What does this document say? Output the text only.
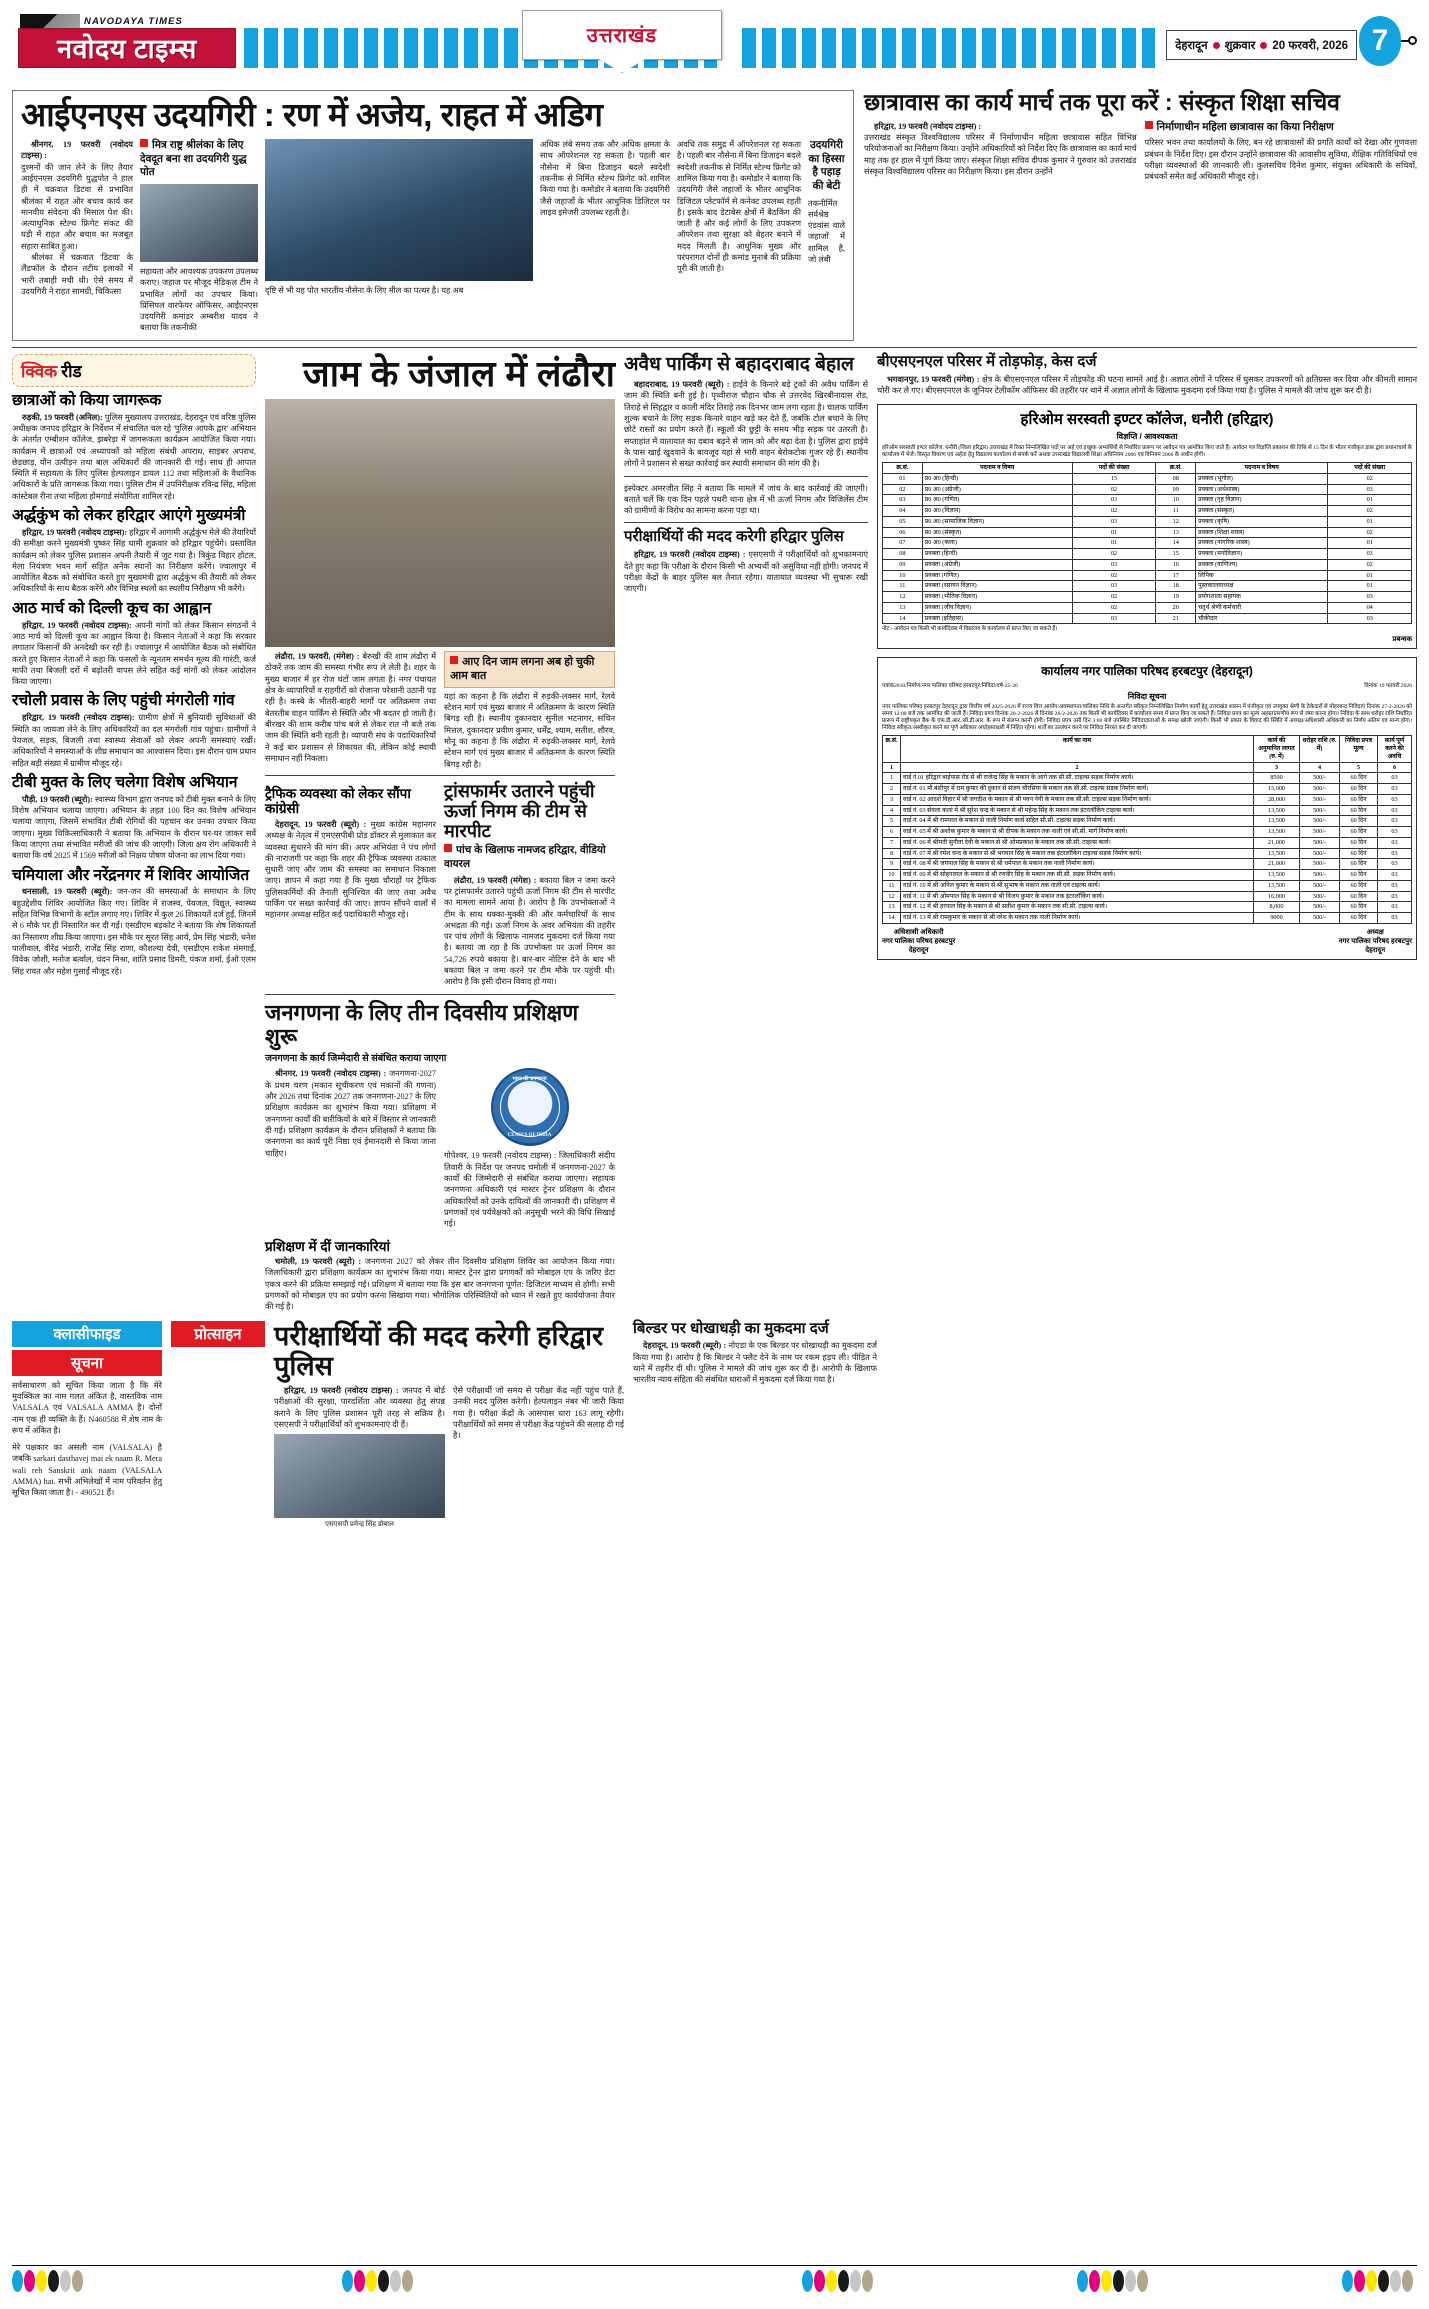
NAVODAYA TIMES
नवोदय टाइम्स	उत्तराखंड	देहरादून शुक्रवार 20 फरवरी, 2026 7
आईएनएस उदयगिरी : रण में अजेय, राहत में अडिग

श्रीनगर, 19 फरवरी (नवोदय टाइम्स) :

दुश्मनों की जान लेने के लिए तैयार आईएनएस उदयगिरी युद्धपोत ने हाल ही में चक्रवात डिटवा से प्रभावित श्रीलंका में राहत और बचाव कार्य कर मानवीय संवेदना की मिसाल पेश की। अत्याधुनिक स्टेल्थ फ्रिगेट संकट की घड़ी में राहत और बचाव का मजबूत सहारा साबित हुआ।

श्रीलंका में चक्रवात 'डिटवा' के लैंडफॉल के दौरान तटीय इलाकों में भारी तबाही मची थी। ऐसे समय में उदयगिरी ने राहत सामग्री, चिकित्सा

मित्र राष्ट्र श्रीलंका के लिए देवदूत बना शा उदयगिरी युद्ध पोत

सहायता और आवश्यक उपकरण उपलब्ध कराए। जहाज पर मौजूद मेडिकल टीम ने प्रभावित लोगों का उपचार किया। प्रिंसिपल वारफेयर ऑफिसर, आईएनएस उदयगिरी कमांडर अम्बरीश यादव ने बताया कि तकनीकी

दृष्टि से भी यह पोत भारतीय नौसेना के लिए मील का पत्थर है। यह अब

अधिक लंबे समय तक और अधिक क्षमता के साथ ऑपरेशनल रह सकता है। पहली बार नौसेना में बिना डिजाइन बदले स्वदेशी तकनीक से निर्मित स्टेल्थ फ्रिगेट को शामिल किया गया है। कमोडोर ने बताया कि उदयगिरी जैसे जहाजों के भीतर आधुनिक डिजिटल पर लाइव इमेजरी उपलब्ध रहती है।

अवधि तक समुद्र में ऑपरेशनल रह सकता है। पहली बार नौसेना में बिना डिजाइन बदले स्वदेशी तकनीक से निर्मित स्टेल्थ फ्रिगेट को शामिल किया गया है। कमोडोर ने बताया कि उदयगिरी जैसे जहाजों के भीतर आधुनिक डिजिटल प्लेटफॉर्म से कनेक्ट उपलब्ध रहती है। इसके बाद डेटाबेस क्षेत्रों में बैठकिंग की जाती है और कई लोगों के लिए उपकरण ऑपरेशन तथा सुरक्षा को बेहतर बनाने में मदद मिलती है। आधुनिक मुख्य और परंपरागत दोनों ही कमांड मुनाबे की प्रक्रिया पूरी की जाती है।

उदयगिरी का हिस्सा है पहाड़ की बेटी

तकनीर्मित सर्वश्रेष्ठ एंडवांस वाले जहाजों में शामिल है, जो लंबी

छात्रावास का कार्य मार्च तक पूरा करें : संस्कृत शिक्षा सचिव

हरिद्वार, 19 फरवरी (नवोदय टाइम्स) :

उत्तराखंड संस्कृत विश्वविद्यालय परिसर में निर्माणाधीन महिला छात्रावास सहित विभिन्न परियोजनाओं का निरीक्षण किया। उन्होंने अधिकारियों को निर्देश दिए कि छात्रावास का कार्य मार्च माह तक हर हाल में पूर्ण किया जाए। संस्कृत शिक्षा सचिव दीपक कुमार ने गुरुवार को उत्तराखंड संस्कृत विश्वविद्यालय परिसर का निरीक्षण किया। इस दौरान उन्होंने

निर्माणाधीन महिला छात्रावास का किया निरीक्षण

परिसर भवन तथा कार्यालयों के लिए, बन रहे छात्रावासों की प्रगति कार्यों को देखा और गुणवत्ता प्रबंधन के निर्देश दिए। इस दौरान उन्होंने छात्रावास की आवासीय सुविधा, शैक्षिक गतिविधियों एवं परीक्षा व्यवस्थाओं की जानकारी ली। कुलसचिव दिनेश कुमार, संयुक्त अधिकारी के सचिवों, प्रबंधकों समेत कई अधिकारी मौजूद रहे।

क्विक रीड
छात्राओं को किया जागरूक

रुड़की, 19 फरवरी (अनिल): पुलिस मुख्यालय उत्तराखंड, देहरादून एवं वरिष्ठ पुलिस अधीक्षक जनपद हरिद्वार के निर्देशन में संचालित चल रहे 'पुलिस आपके द्वार' अभियान के अंतर्गत एम्बीशन कॉलेज, झबरेड़ा में जागरूकता कार्यक्रम आयोजित किया गया। कार्यक्रम में छात्राओं एवं अध्यापकों को महिला संबंधी अपराध, साइबर अपराध, छेड़छाड़, यौन उत्पीड़न तथा बाल अधिकारों की जानकारी दी गई। साथ ही आपात स्थिति में सहायता के लिए पुलिस हेल्पलाइन डायल 112 तथा महिलाओं के वैधानिक अधिकारों के प्रति जागरूक किया गया। पुलिस टीम में उपनिरीक्षक रविन्द्र सिंह, महिला कांस्टेबल रीना तथा महिला होमगार्ड संयोगिता शामिल रहे।

अर्द्धकुंभ को लेकर हरिद्वार आएंगे मुख्यमंत्री

हरिद्वार, 19 फरवरी (नवोदय टाइम्स): हरिद्वार में आगामी अर्द्धकुंभ मेले की तैयारियों की समीक्षा करने मुख्यमंत्री पुष्कर सिंह धामी शुक्रवार को हरिद्वार पहुंचेंगे। प्रस्तावित कार्यक्रम को लेकर पुलिस प्रशासन अपनी तैयारी में जुट गया है। त्रिकुंड विहार होटल, मेला नियंत्रण भवन मार्ग सहित अनेक स्थानों का निरीक्षण करेंगे। ज्वालापुर में आयोजित बैठक को संबोधित करते हुए मुख्यमंत्री द्वारा अर्द्धकुंभ की तैयारी को लेकर अधिकारियों के साथ बैठक करेंगे और विभिन्न स्थलों का स्थलीय निरीक्षण भी करेंगे।

आठ मार्च को दिल्ली कूच का आह्वान

हरिद्वार, 19 फरवरी (नवोदय टाइम्स): अपनी मांगों को लेकर किसान संगठनों ने आठ मार्च को दिल्ली कूच का आह्वान किया है। किसान नेताओं ने कहा कि सरकार लगातार किसानों की अनदेखी कर रही है। ज्वालापुर में आयोजित बैठक को संबोधित करते हुए किसान नेताओं ने कहा कि फसलों के न्यूनतम समर्थन मूल्य की गारंटी, कर्ज माफी तथा बिजली दरों में बढ़ोतरी वापस लेने सहित कई मांगों को लेकर आंदोलन किया जाएगा।

रचोली प्रवास के लिए पहुंची मंगरोली गांव

हरिद्वार, 19 फरवरी (नवोदय टाइम्स): ग्रामीण क्षेत्रों में बुनियादी सुविधाओं की स्थिति का जायजा लेने के लिए अधिकारियों का दल मंगरोली गांव पहुंचा। ग्रामीणों ने पेयजल, सड़क, बिजली तथा स्वास्थ्य सेवाओं को लेकर अपनी समस्याएं रखीं। अधिकारियों ने समस्याओं के शीघ्र समाधान का आश्वासन दिया। इस दौरान ग्राम प्रधान सहित बड़ी संख्या में ग्रामीण मौजूद रहे।

टीबी मुक्त के लिए चलेगा विशेष अभियान

पौड़ी, 19 फरवरी (ब्यूरो): स्वास्थ्य विभाग द्वारा जनपद को टीबी मुक्त बनाने के लिए विशेष अभियान चलाया जाएगा। अभियान के तहत 100 दिन का विशेष अभियान चलाया जाएगा, जिसमें संभावित टीबी रोगियों की पहचान कर उनका उपचार किया जाएगा। मुख्य चिकित्साधिकारी ने बताया कि अभियान के दौरान घर-घर जाकर सर्वे किया जाएगा तथा संभावित मरीजों की जांच की जाएगी। जिला क्षय रोग अधिकारी ने बताया कि वर्ष 2025 में 1569 मरीजों को निक्षय पोषण योजना का लाभ दिया गया।

चमियाला और नरेंद्रनगर में शिविर आयोजित

धनसाली, 19 फरवरी (ब्यूरो): जन-जन की समस्याओं के समाधान के लिए बहुउद्देशीय शिविर आयोजित किए गए। शिविर में राजस्व, पेयजल, विद्युत, स्वास्थ्य सहित विभिन्न विभागों के स्टॉल लगाए गए। शिविर में कुल 26 शिकायतें दर्ज हुईं, जिनमें से 6 मौके पर ही निस्तारित कर दी गईं। एसडीएम बड़कोट ने बताया कि शेष शिकायतों का निस्तारण शीघ्र किया जाएगा। इस मौके पर सूरत सिंह आर्य, प्रेम सिंह भंडारी, धनेश पालीवाल, वीरेंद्र भंडारी, राजेंद्र सिंह राणा, कौशल्या देवी, एसडीएम राकेश मंमगाईं, विवेक जोशी, मनोज बर्त्वाल, चंदन मिश्रा, शांति प्रसाद डिमरी, पंकज शर्मा, ईओ एलम सिंह रावत और महेश गुसाईं मौजूद रहे।

जाम के जंजाल में लंढौरा

लंढौरा, 19 फरवरी, (मंगेश) : बेरुखी की शाम लंढौरा में ठोकरें तक जाम की समस्या गंभीर रूप ले लेती है। शहर के मुख्य बाजार में हर रोज घंटों जाम लगता है। नगर पंचायत क्षेत्र के व्यापारियों व राहगीरों को रोजाना परेशानी उठानी पड़ रही है। कस्बे के भीतरी-बाहरी मार्गों पर अतिक्रमण तथा बेतरतीब वाहन पार्किंग से स्थिति और भी बदतर हो जाती है। बीरखर की शाम करीब पांच बजे से लेकर रात नौ बजे तक जाम की स्थिति बनी रहती है। व्यापारी संघ के पदाधिकारियों ने कई बार प्रशासन से शिकायत की, लेकिन कोई स्थायी समाधान नहीं निकला।

आए दिन जाम लगना अब हो चुकी आम बात

यहां का कहना है कि लंढौरा में रुड़की-लक्सर मार्ग, रेलवे स्टेशन मार्ग एवं मुख्य बाजार में अतिक्रमण के कारण स्थिति बिगड़ रही है। स्थानीय दुकानदार सुनील भटनागर, सचिन मित्तल, दुकानदार प्रवीण कुमार, धर्मेंद्र, श्याम, सतीश, शौरव, मोनू का कहना है कि लंढौरा में रुड़की-लक्सर मार्ग, रेलवे स्टेशन मार्ग एवं मुख्य बाजार में अतिक्रमण के कारण स्थिति बिगड़ रही है।

ट्रैफिक व्यवस्था को लेकर सौंपा कांग्रेसी

देहरादून, 19 फरवरी (ब्यूरो) : मुख्य कांग्रेस महानगर अध्यक्ष के नेतृत्व में एमएसपीबी प्रोड डॉक्टर से मुलाकात कर व्यवस्था सुधारने की मांग की। अपर अभियंता ने पंच लोगों की नाराजगी पर कहा कि शहर की ट्रैफिक व्यवस्था तत्काल सुधारी जाए और जाम की समस्या का समाधान निकाला जाए। ज्ञापन में कहा गया है कि मुख्य चौराहों पर ट्रैफिक पुलिसकर्मियों की तैनाती सुनिश्चित की जाए तथा अवैध पार्किंग पर सख्त कार्रवाई की जाए। ज्ञापन सौंपने वालों में महानगर अध्यक्ष सहित कई पदाधिकारी मौजूद रहे।

ट्रांसफार्मर उतारने पहुंची ऊर्जा निगम की टीम से मारपीट
पांच के खिलाफ नामजद हरिद्वार, वीडियो वायरल

लंढौरा, 19 फरवरी (मंगेश) : बकाया बिल न जमा करने पर ट्रांसफार्मर उतारने पहुंची ऊर्जा निगम की टीम से मारपीट का मामला सामने आया है। आरोप है कि उपभोक्ताओं ने टीम के साथ धक्का-मुक्की की और कर्मचारियों के साथ अभद्रता की गई। ऊर्जा निगम के अवर अभियंता की तहरीर पर पांच लोगों के खिलाफ नामजद मुकदमा दर्ज किया गया है। बताया जा रहा है कि उपभोक्ता पर ऊर्जा निगम का 54,726 रुपये बकाया है। बार-बार नोटिस देने के बाद भी बकाया बिल न जमा करने पर टीम मौके पर पहुंची थी। आरोप है कि इसी दौरान विवाद हो गया।

जनगणना के लिए तीन दिवसीय प्रशिक्षण शुरू
जनगणना के कार्य जिम्मेदारी से संबंधित कराया जाएगा

श्रीनगर, 19 फरवरी (नवोदय टाइम्स) : जनगणना-2027 के प्रथम चरण (मकान सूचीकरण एवं मकानों की गणना) और 2026 तथा दिनांक 2027 तक जनगणना-2027 के लिए प्रशिक्षण कार्यक्रम का शुभारंभ किया गया। प्रशिक्षण में जनगणना कार्यों की बारीकियों के बारे में विस्तार से जानकारी दी गई। प्रशिक्षण कार्यक्रम के दौरान प्रशिक्षकों ने बताया कि जनगणना का कार्य पूरी निष्ठा एवं ईमानदारी से किया जाना चाहिए।

भारत की जनगणना
CENSUS OF INDIA

गोपेश्वर, 19 फरवरी (नवोदय टाइम्स) : जिलाधिकारी संदीप तिवारी के निर्देश पर जनपद चमोली में जनगणना-2027 के कार्यों की जिम्मेदारी से संबंधित कराया जाएगा। सहायक जनगणना अधिकारी एवं मास्टर ट्रेनर प्रशिक्षण के दौरान अधिकारियों को उनके दायित्वों की जानकारी दी। प्रशिक्षण में प्रगणकों एवं पर्यवेक्षकों को अनुसूची भरने की विधि सिखाई गई।

प्रशिक्षण में दीं जानकारियां

चमोली, 19 फरवरी (ब्यूरो) : जनगणना 2027 को लेकर तीन दिवसीय प्रशिक्षण शिविर का आयोजन किया गया। जिलाधिकारी द्वारा प्रशिक्षण कार्यक्रम का शुभारंभ किया गया। मास्टर ट्रेनर द्वारा प्रगणकों को मोबाइल एप के जरिए डेटा एकत्र करने की प्रक्रिया समझाई गई। प्रशिक्षण में बताया गया कि इस बार जनगणना पूर्णत: डिजिटल माध्यम से होगी। सभी प्रगणकों को मोबाइल एप का प्रयोग करना सिखाया गया। भौगोलिक परिस्थितियों को ध्यान में रखते हुए कार्ययोजना तैयार की गई है।

अवैध पार्किंग से बहादराबाद बेहाल

बहादराबाद, 19 फरवरी (ब्यूरो) : हाईवे के किनारे बड़े ट्रकों की अवैध पार्किंग से जाम की स्थिति बनी हुई है। पृथ्वीराज चौहान चौक से उत्तरवेद खिरबीनादास रोड, तिराहे से सिंहद्वार व काली मंदिर तिराहे तक दिनभर जाम लगा रहता है। चालक पार्किंग शुल्क बचाने के लिए सड़क किनारे वाहन खड़े कर देते हैं, जबकि टोल बचाने के लिए छोटे रास्तों का प्रयोग करते हैं। स्कूलों की छुट्टी के समय भीड़ सड़क पर उतरती है। सप्ताहांत में यातायात का दबाव बढ़ने से जाम को और बढ़ा देता है। पुलिस द्वारा हाईवे के पास खाई खुदवाने के बावजूद यहां से भारी वाहन बेरोकटोक गुजर रहे हैं। स्थानीय लोगों ने प्रशासन से सख्त कार्रवाई कर स्थायी समाधान की मांग की है।

इंस्पेक्टर अमरजीत सिंह ने बताया कि मामले में जांच के बाद कार्रवाई की जाएगी। बताते चलें कि एक दिन पहले पथरी थाना क्षेत्र में भी ऊर्जा निगम और विजिलेंस टीम को ग्रामीणों के विरोध का सामना करना पड़ा था।

परीक्षार्थियों की मदद करेगी हरिद्वार पुलिस

हरिद्वार, 19 फरवरी (नवोदय टाइम्स) : एसएसपी ने परीक्षार्थियों को शुभकामनाएं देते हुए कहा कि परीक्षा के दौरान किसी भी अभ्यर्थी को असुविधा नहीं होगी। जनपद में परीक्षा केंद्रों के बाहर पुलिस बल तैनात रहेगा। यातायात व्यवस्था भी सुचारू रखी जाएगी।

बीएसएनएल परिसर में तोड़फोड़, केस दर्ज

भगवानपुर, 19 फरवरी (मंगेश) : क्षेत्र के बीएसएनएल परिसर में तोड़फोड़ की घटना सामने आई है। अज्ञात लोगों ने परिसर में घुसकर उपकरणों को क्षतिग्रस्त कर दिया और कीमती सामान चोरी कर ले गए। बीएसएनएल के जूनियर टेलीकॉम ऑफिसर की तहरीर पर थाने में अज्ञात लोगों के खिलाफ मुकदमा दर्ज किया गया है। पुलिस ने मामले की जांच शुरू कर दी है।

हरिओम सरस्वती इण्टर कॉलेज, धनौरी (हरिद्वार)
विज्ञप्ति / आवश्यकता

हरिओम सरस्वती इण्टर कॉलेज, धनौरी (जिला हरिद्वार) उत्तराखंड में रिक्त निम्नलिखित पदों पर अर्ह एवं इच्छुक अभ्यर्थियों से निर्धारित प्रारूप पर आवेदन पत्र आमंत्रित किए जाते हैं। आवेदन पत्र विज्ञप्ति प्रकाशन की तिथि से 15 दिन के भीतर पंजीकृत डाक द्वारा प्रधानाचार्य के कार्यालय में भेजें। विस्तृत विवरण एवं अर्हता हेतु विद्यालय कार्यालय से संपर्क करें अथवा उत्तराखंड विद्यालयी शिक्षा अधिनियम 2006 एवं विनियम 2006 के अधीन होगी।

क्र.सं.	पदनाम व विषय	पदों की संख्या	क्र.सं.	पदनाम व विषय	पदों की संख्या
01	प्र0 अ0 (हिन्दी)	15	08	प्रवक्ता (भूगोल)	02
02	प्र0 अ0 (अंग्रेजी)	02	09	प्रवक्ता (अर्थशास्त्र)	03
03	प्र0 अ0 (गणित)	03	10	प्रवक्ता (गृह विज्ञान)	01
04	प्र0 अ0 (विज्ञान)	02	11	प्रवक्ता (संस्कृत)	02
05	प्र0 अ0 (सामाजिक विज्ञान)	03	12	प्रवक्ता (कृषि)	01
06	प्र0 अ0 (संस्कृत)	01	13	प्रवक्ता (शिक्षा शास्त्र)	02
07	प्र0 अ0 (कला)	01	14	प्रवक्ता (नागरिक शास्त्र)	01
08	प्रवक्ता (हिन्दी)	02	15	प्रवक्ता (मनोविज्ञान)	03
09	प्रवक्ता (अंग्रेजी)	03	16	प्रवक्ता (वाणिज्य)	02
10	प्रवक्ता (गणित)	02	17	लिपिक	01
11	प्रवक्ता (रसायन विज्ञान)	03	18	पुस्तकालयाध्यक्ष	01
12	प्रवक्ता (भौतिक विज्ञान)	02	19	प्रयोगशाला सहायक	03
13	प्रवक्ता (जीव विज्ञान)	02	20	चतुर्थ श्रेणी कर्मचारी	04
14	प्रवक्ता (इतिहास)	03	21	चौकीदार	03

नोट:- आवेदन पत्र किसी भी कार्यदिवस में विद्यालय के कार्यालय से प्राप्त किए जा सकते हैं।

प्रबन्धक
कार्यालय नगर पालिका परिषद हरबटपुर (देहरादून)
पत्रांक2010/निर्माण/नगर पालिका परिषद हरबटपुर/निविदा/वर्ष-25-26	दिनांक 19 फरवरी 2026
निविदा सूचना

नगर पालिका परिषद हरबटपुर देहरादून द्वारा वित्तीय वर्ष 2025-2026 में राज्य वित्त आयोग/अवस्थापना/पालिका निधि के अन्तर्गत स्वीकृत निम्नलिखित निर्माण कार्यों हेतु उत्तराखंड शासन में पंजीकृत एवं उपयुक्त श्रेणी के ठेकेदारों से मोहरबन्द निविदाएं दिनांक 27-2-2026 को समय 12:00 बजे तक आमंत्रित की जाती हैं। निविदा प्रपत्र दिनांक 20-2-2026 से दिनांक 26-2-2026 तक किसी भी कार्यदिवस में कार्यालय समय में प्राप्त किए जा सकते हैं। निविदा प्रपत्र का मूल्य अहस्तांतरणीय रूप से जमा करना होगा। निविदा के साथ धरोहर राशि निर्धारित प्रारूप में राष्ट्रीयकृत बैंक के एफ.डी.आर./सी.डी.आर. के रूप में संलग्न करनी होगी। निविदा प्रपत्र उसी दिन 3:00 बजे उपस्थित निविदादाताओं के समक्ष खोली जाएंगी। किसी भी प्रकार के विवाद की स्थिति में अध्यक्ष/अधिशासी अधिकारी का निर्णय अंतिम एवं मान्य होगा। निविदा स्वीकृत/अस्वीकृत करने का पूर्ण अधिकार अधोहस्ताक्षरी में निहित रहेगा। शर्तों का उल्लंघन करने पर निविदा निरस्त कर दी जाएगी।

क्र.सं.	कार्य का नाम	कार्य की अनुमानित लागत (रु. में)	धरोहर राशि (रु. में)	निविदा प्रपत्र मूल्य	कार्य पूर्ण करने की अवधि
1	2	3	4	5	6
1	वार्ड नं.01 हरिद्वार बाईपास रोड से श्री राजेन्द्र सिंह के मकान के आगे तक सी.सी. टाइल्स सड़क निर्माण कार्य।	8500	500/-	60 दिन	03
2	वार्ड नं. 01 मौ.बंशीपुर में राम कुमार की दुकान से संजय चौरसिया के मकान तक सी.सी. टाइल्स सड़क निर्माण कार्य।	15,000	500/-	60 दिन	03
3	वार्ड न. 02 आदर्श विहार में श्री जगदीश के मकान से श्री पवन नेगी के मकान तक सी.सी. टाइल्स सड़क निर्माण कार्य।	28,000	500/-	60 दिन	03
4	वार्ड नं. 03 सेवला कलां में श्री सुरेश चन्द्र के मकान से श्री महेन्द्र सिंह के मकान तक इंटरलॉकिंग टाइल्स कार्य।	13,500	500/-	60 दिन	03
5	वार्ड नं. 04 में श्री रामपाल के मकान से नाली निर्माण कार्य सहित सी.सी. टाइल्स सड़क निर्माण कार्य।	13,500	500/-	60 दिन	03
6	वार्ड नं. 05 में श्री अशोक कुमार के मकान से श्री दीपक के मकान तक नाली एवं सी.सी. मार्ग निर्माण कार्य।	13,500	500/-	60 दिन	03
7	वार्ड नं. 06 में श्रीमती सुनीता देवी के मकान से श्री ओमप्रकाश के मकान तक सी.सी. टाइल्स कार्य।	21,000	500/-	60 दिन	03
8	वार्ड नं. 07 में श्री रमेश चन्द के मकान से श्री भगवान सिंह के मकान तक इंटरलॉकिंग टाइल्स सड़क निर्माण कार्य।	13,500	500/-	60 दिन	03
9	वार्ड नं. 08 में श्री जयपाल सिंह के मकान से श्री धर्मपाल के मकान तक नाली निर्माण कार्य।	21,000	500/-	60 दिन	03
10	वार्ड नं. 09 में श्री सोहनलाल के मकान से श्री रणवीर सिंह के मकान तक सी.सी. सड़क निर्माण कार्य।	13,500	500/-	60 दिन	03
11	वार्ड नं. 10 में श्री अनिल कुमार के मकान से श्री सुभाष के मकान तक नाली एवं टाइल्स कार्य।	13,500	500/-	60 दिन	03
12	वार्ड नं. 11 में श्री ओमपाल सिंह के मकान से श्री विजय कुमार के मकान तक इंटरलॉकिंग कार्य।	16,000	500/-	60 दिन	03
13	वार्ड नं. 12 में श्री हरपाल सिंह के मकान से श्री सतीश कुमार के मकान तक सी.सी. टाइल्स कार्य।	8,000	500/-	60 दिन	03
14	वार्ड नं. 13 में श्री रामकुमार के मकान से श्री नरेश के मकान तक नाली निर्माण कार्य।	9000	500/-	60 दिन	03
अधिशासी अधिकारी
नगर पालिका परिषद हरबटपुर
देहरादून
अध्यक्ष
नगर पालिका परिषद हरबटपुर
देहरादून
क्लासीफाइड
सूचना

सर्वसाधारण को सूचित किया जाता है कि मेरे मुवक्किल का नाम गलत अंकित है, वास्तविक नाम VALSALA एवं VALSALA AMMA है। दोनों नाम एक ही व्यक्ति के हैं। N460588 में शेष नाम के रूप में अंकित है।

मेरे पक्षकार का असली नाम (VALSALA) है जबकि sarkari dasthavej mai ek naam R. Mera wali reh Sanskrit ank naam (VALSALA AMMA) hai. सभी अभिलेखों में नाम परिवर्तन हेतु सूचित किया जाता है। - 490521 हैं।

प्रोत्साहन	परीक्षार्थियों की मदद करेगी हरिद्वार पुलिस

हरिद्वार, 19 फरवरी (नवोदय टाइम्स) : जनपद में बोर्ड परीक्षाओं की सुरक्षा, पारदर्शिता और व्यवस्था हेतु संपन्न कराने के लिए पुलिस प्रशासन पूरी तरह से सक्रिय है। एसएसपी ने परीक्षार्थियों को शुभकामनाएं दी हैं।

एसएसपी प्रमेन्द्र सिंह डोबाल

ऐसे परीक्षार्थी जो समय से परीक्षा केंद्र नहीं पहुंच पाते हैं, उनकी मदद पुलिस करेगी। हेल्पलाइन नंबर भी जारी किया गया है। परीक्षा केंद्रों के आसपास धारा 163 लागू रहेगी। परीक्षार्थियों को समय से परीक्षा केंद्र पहुंचने की सलाह दी गई है।

बिल्डर पर धोखाधड़ी का मुकदमा दर्ज

देहरादून, 19 फरवरी (ब्यूरो) : नोएडा के एक बिल्डर पर धोखाधड़ी का मुकदमा दर्ज किया गया है। आरोप है कि बिल्डर ने फ्लैट देने के नाम पर रकम हड़प ली। पीड़ित ने थाने में तहरीर दी थी। पुलिस ने मामले की जांच शुरू कर दी है। आरोपी के खिलाफ भारतीय न्याय संहिता की संबंधित धाराओं में मुकदमा दर्ज किया गया है।
